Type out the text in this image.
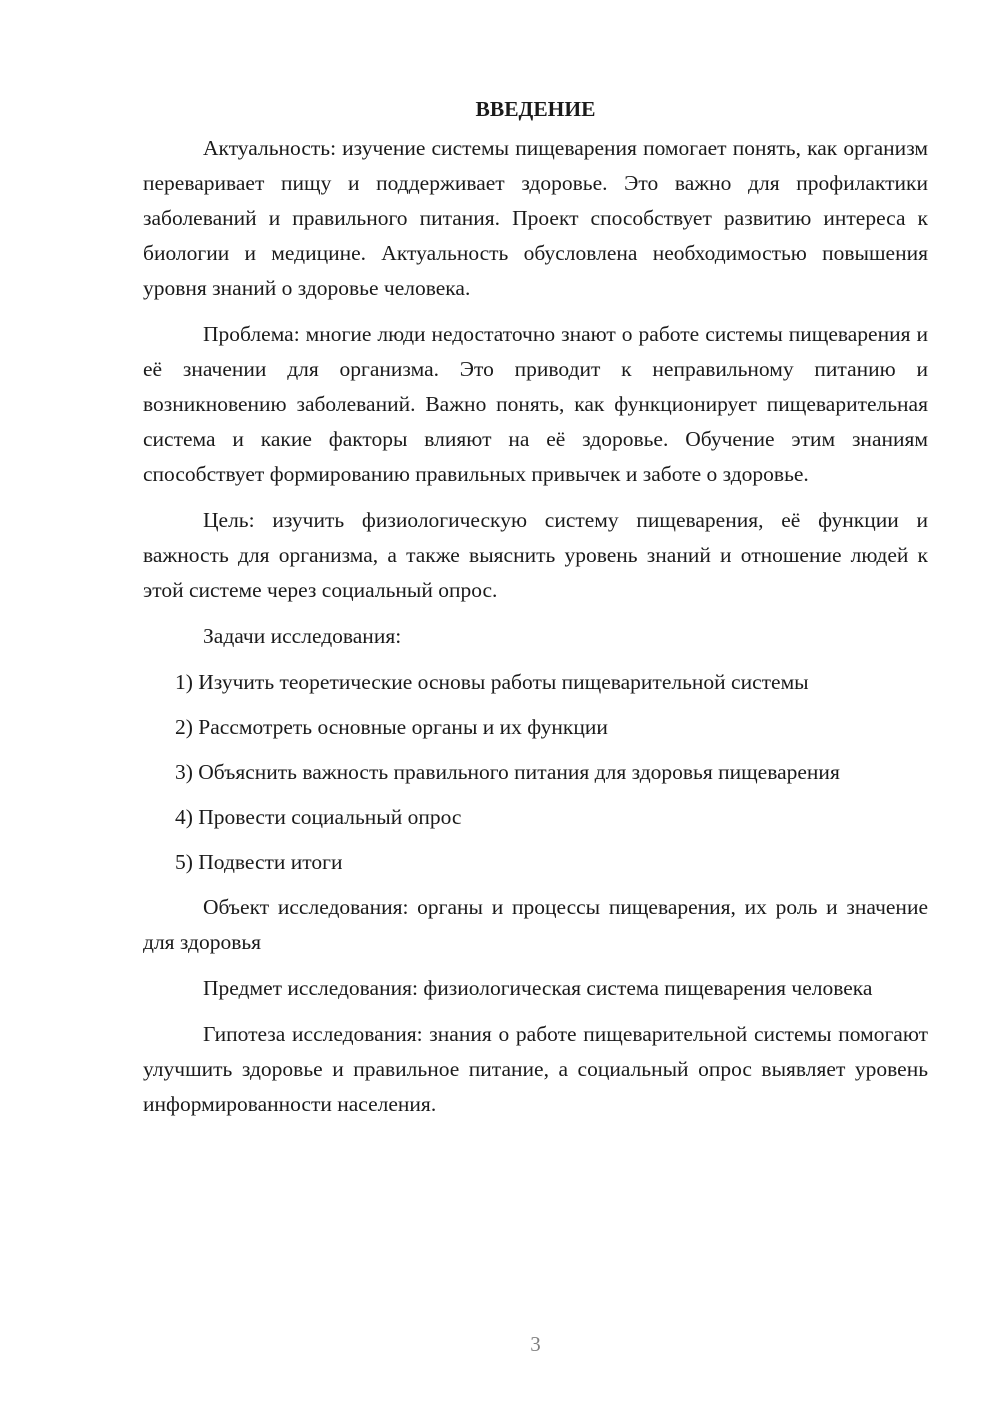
ВВЕДЕНИЕ

Актуальность: изучение системы пищеварения помогает понять, как организм переваривает пищу и поддерживает здоровье. Это важно для профилактики заболеваний и правильного питания. Проект способствует развитию интереса к биологии и медицине. Актуальность обусловлена необходимостью повышения уровня знаний о здоровье человека.

Проблема: многие люди недостаточно знают о работе системы пищеварения и её значении для организма. Это приводит к неправильному питанию и возникновению заболеваний. Важно понять, как функционирует пищеварительная система и какие факторы влияют на её здоровье. Обучение этим знаниям способствует формированию правильных привычек и заботе о здоровье.

Цель: изучить физиологическую систему пищеварения, её функции и важность для организма, а также выяснить уровень знаний и отношение людей к этой системе через социальный опрос.

Задачи исследования:

1) Изучить теоретические основы работы пищеварительной системы

2) Рассмотреть основные органы и их функции

3) Объяснить важность правильного питания для здоровья пищеварения

4) Провести социальный опрос

5) Подвести итоги

Объект исследования: органы и процессы пищеварения, их роль и значение для здоровья

Предмет исследования: физиологическая система пищеварения человека

Гипотеза исследования: знания о работе пищеварительной системы помогают улучшить здоровье и правильное питание, а социальный опрос выявляет уровень информированности населения.

3
